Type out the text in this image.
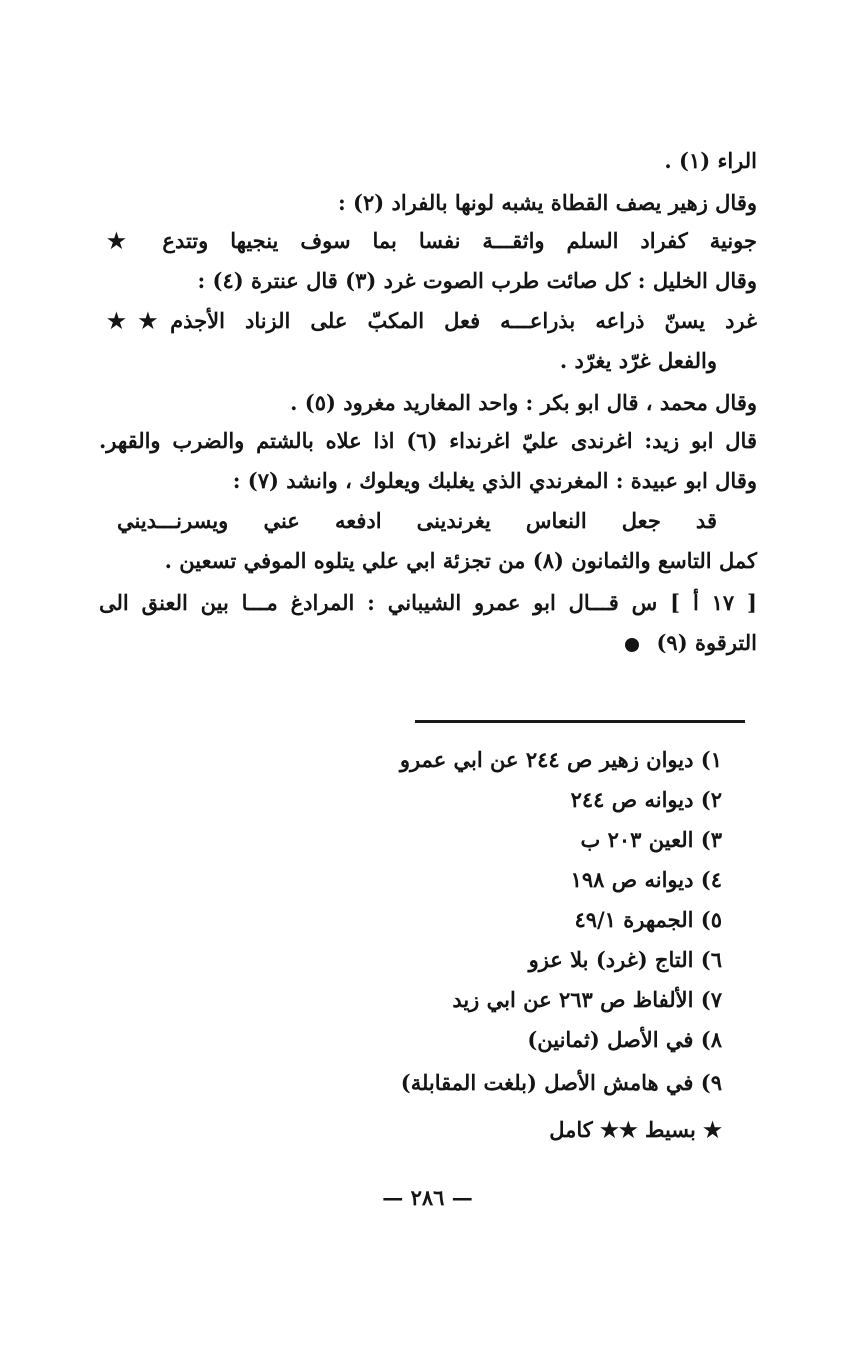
الراء (١) .
وقال زهير يصف القطاة يشبه لونها بالفراد (٢) :
جونية كفراد السلم واثقـــة نفسا بما سوف ينجيها وتتدع ★
وقال الخليل : كل صائت طرب الصوت غرد (٣) قال عنترة (٤) :
غرد يسنّ ذراعه بذراعـــه فعل المكبّ على الزناد الأجذم★★
والفعل غرّد يغرّد .
وقال محمد ، قال ابو بكر : واحد المغاريد مغرود (٥) .
قال ابو زيد: اغرندى عليّ اغرنداء (٦) اذا علاه بالشتم والضرب والقهر.
وقال ابو عبيدة : المغرندي الذي يغلبك ويعلوك ، وانشد (٧) :
قد جعل النعاس يغرندينى ادفعه عني ويسرنـــديني
كمل التاسع والثمانون (٨) من تجزئة ابي علي يتلوه الموفي تسعين .
[ ١٧ أ ] س قـــال ابو عمرو الشيباني : المرادغ مـــا بين العنق الى
الترقوة (٩)
١) ديوان زهير ص ٢٤٤ عن ابي عمرو
٢) ديوانه ص ٢٤٤
٣) العين ٢٠٣ ب
٤) ديوانه ص ١٩٨
٥) الجمهرة ٤٩/١
٦) التاج (غرد) بلا عزو
٧) الألفاظ ص ٢٦٣ عن ابي زيد
٨) في الأصل (ثمانين)
٩) في هامش الأصل (بلغت المقابلة)
★ بسيط ★★ كامل
— ٢٨٦ —
